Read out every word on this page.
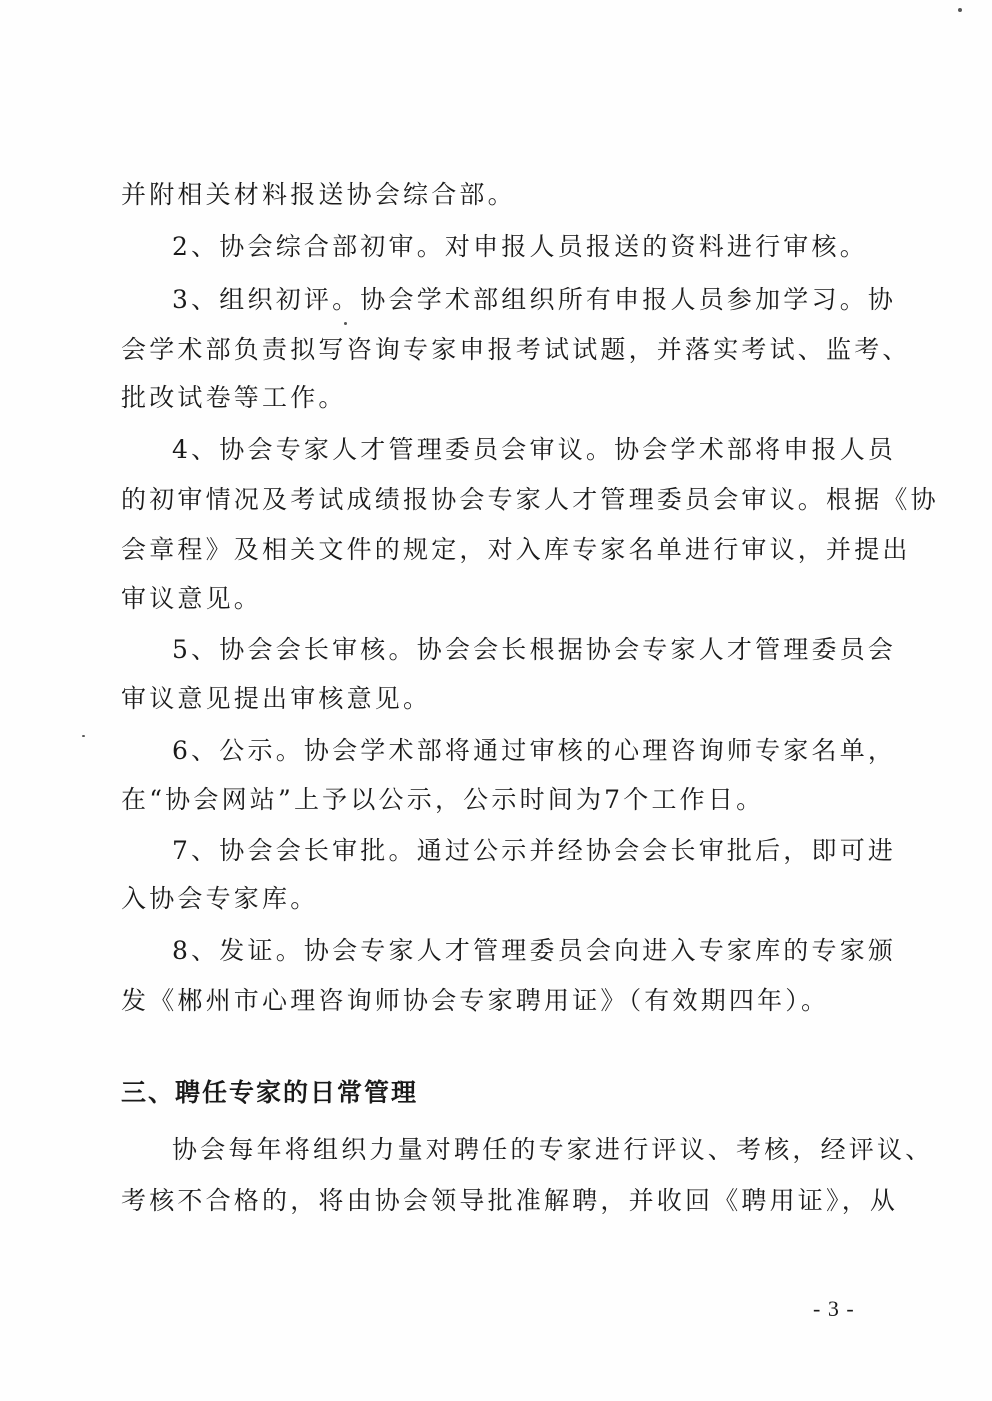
并附相关材料报送协会综合部。
2、协会综合部初审。对申报人员报送的资料进行审核。
3、组织初评。协会学术部组织所有申报人员参加学习。协
会学术部负责拟写咨询专家申报考试试题，并落实考试、监考、
批改试卷等工作。
4、协会专家人才管理委员会审议。协会学术部将申报人员
的初审情况及考试成绩报协会专家人才管理委员会审议。根据《协
会章程》及相关文件的规定，对入库专家名单进行审议，并提出
审议意见。
5、协会会长审核。协会会长根据协会专家人才管理委员会
审议意见提出审核意见。
6、公示。协会学术部将通过审核的心理咨询师专家名单，
在“协会网站”上予以公示，公示时间为7个工作日。
7、协会会长审批。通过公示并经协会会长审批后，即可进
入协会专家库。
8、发证。协会专家人才管理委员会向进入专家库的专家颁
发《郴州市心理咨询师协会专家聘用证》（有效期四年）。
三、聘任专家的日常管理
协会每年将组织力量对聘任的专家进行评议、考核，经评议、
考核不合格的，将由协会领导批准解聘，并收回《聘用证》，从
- 3 -
